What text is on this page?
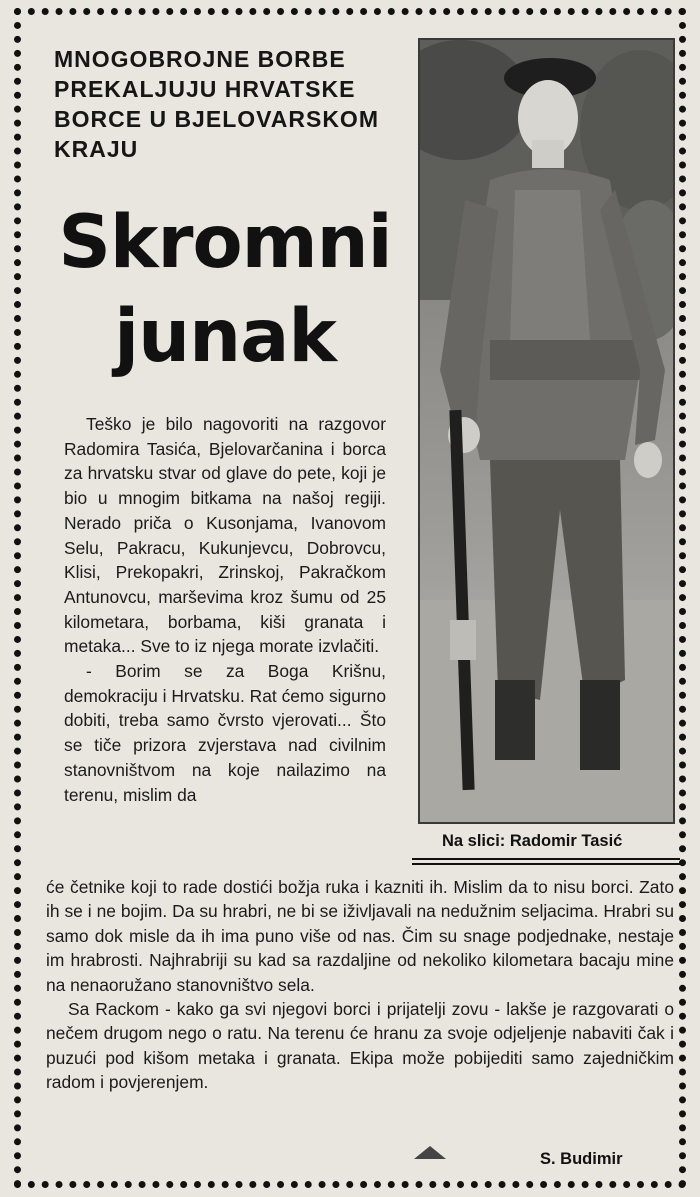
MNOGOBROJNE BORBE PREKALJUJU HRVATSKE BORCE U BJELOVARSKOM KRAJU
Skromni
junak

Teško je bilo nagovoriti na razgovor Radomira Tasića, Bjelovarčanina i borca za hrvatsku stvar od glave do pete, koji je bio u mnogim bitkama na našoj regiji. Nerado priča o Kusonjama, Ivanovom Selu, Pakracu, Kukunjevcu, Dobrovcu, Klisi, Prekopakri, Zrinskoj, Pakračkom Antunovcu, marševima kroz šumu od 25 kilometara, borbama, kiši granata i metaka... Sve to iz njega morate izvlačiti.

- Borim se za Boga Krišnu, demokraciju i Hrvatsku. Rat ćemo sigurno dobiti, treba samo čvrsto vjerovati... Što se tiče prizora zvjerstava nad civilnim stanovništvom na koje nailazimo na terenu, mislim da

Na slici: Radomir Tasić

će četnike koji to rade dostići božja ruka i kazniti ih. Mislim da to nisu borci. Zato ih se i ne bojim. Da su hrabri, ne bi se iživljavali na nedužnim seljacima. Hrabri su samo dok misle da ih ima puno više od nas. Čim su snage podjednake, nestaje im hrabrosti. Najhrabriji su kad sa razdaljine od nekoliko kilometara bacaju mine na nenaoružano stanovništvo sela.

Sa Rackom - kako ga svi njegovi borci i prijatelji zovu - lakše je razgovarati o nečem drugom nego o ratu. Na terenu će hranu za svoje odjeljenje nabaviti čak i puzući pod kišom metaka i granata. Ekipa može pobijediti samo zajedničkim radom i povjerenjem.

S. Budimir
